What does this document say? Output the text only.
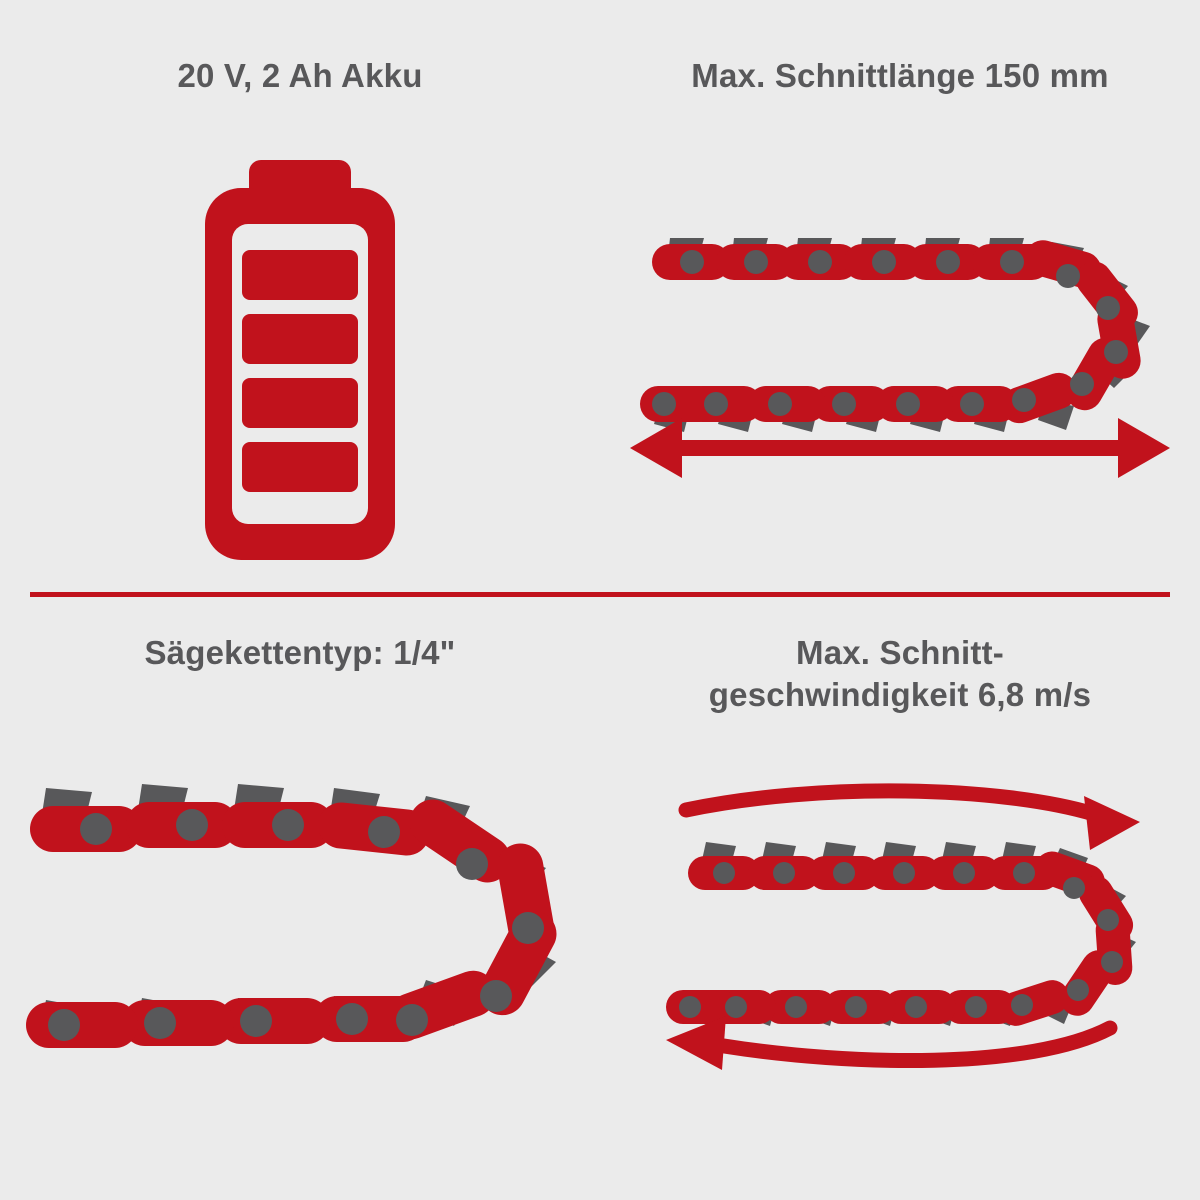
20 V, 2 Ah Akku	Max. Schnittlänge 150 mm
Sägekettentyp: 1/4"	Max. Schnitt-
geschwindigkeit 6,8 m/s
